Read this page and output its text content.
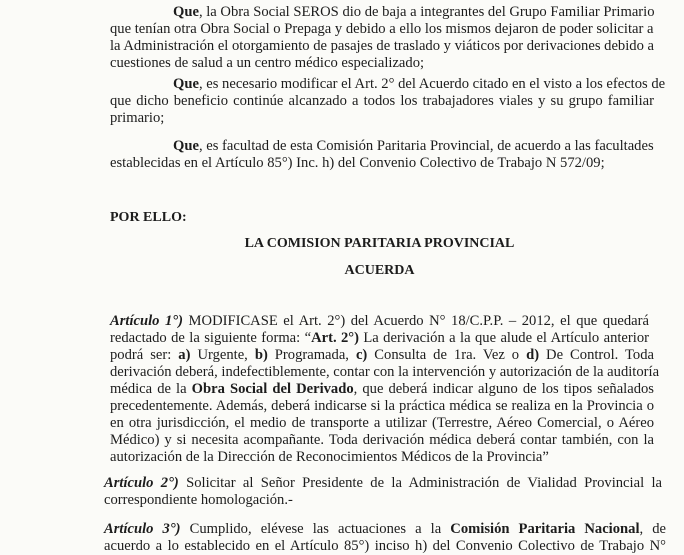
Que, la Obra Social SEROS dio de baja a integrantes del Grupo Familiar Primario
que tenían otra Obra Social o Prepaga y debido a ello los mismos dejaron de poder solicitar a
la Administración el otorgamiento de pasajes de traslado y viáticos por derivaciones debido a
cuestiones de salud a un centro médico especializado;
Que, es necesario modificar el Art. 2° del Acuerdo citado en el visto a los efectos de
que dicho beneficio continúe alcanzado a todos los trabajadores viales y su grupo familiar
primario;
Que, es facultad de esta Comisión Paritaria Provincial, de acuerdo a las facultades
establecidas en el Artículo 85°) Inc. h) del Convenio Colectivo de Trabajo N 572/09;
POR ELLO:
LA COMISION PARITARIA PROVINCIAL
ACUERDA
Artículo 1°) MODIFICASE el Art. 2°) del Acuerdo N° 18/C.P.P. – 2012, el que quedará
redactado de la siguiente forma: “Art. 2°) La derivación a la que alude el Artículo anterior
podrá ser: a) Urgente, b) Programada, c) Consulta de 1ra. Vez o d) De Control. Toda
derivación deberá, indefectiblemente, contar con la intervención y autorización de la auditoría
médica de la Obra Social del Derivado, que deberá indicar alguno de los tipos señalados
precedentemente. Además, deberá indicarse si la práctica médica se realiza en la Provincia o
en otra jurisdicción, el medio de transporte a utilizar (Terrestre, Aéreo Comercial, o Aéreo
Médico) y si necesita acompañante. Toda derivación médica deberá contar también, con la
autorización de la Dirección de Reconocimientos Médicos de la Provincia”
Artículo 2°) Solicitar al Señor Presidente de la Administración de Vialidad Provincial la
correspondiente homologación.-
Artículo 3°) Cumplido, elévese las actuaciones a la Comisión Paritaria Nacional, de
acuerdo a lo establecido en el Artículo 85°) inciso h) del Convenio Colectivo de Trabajo N°
